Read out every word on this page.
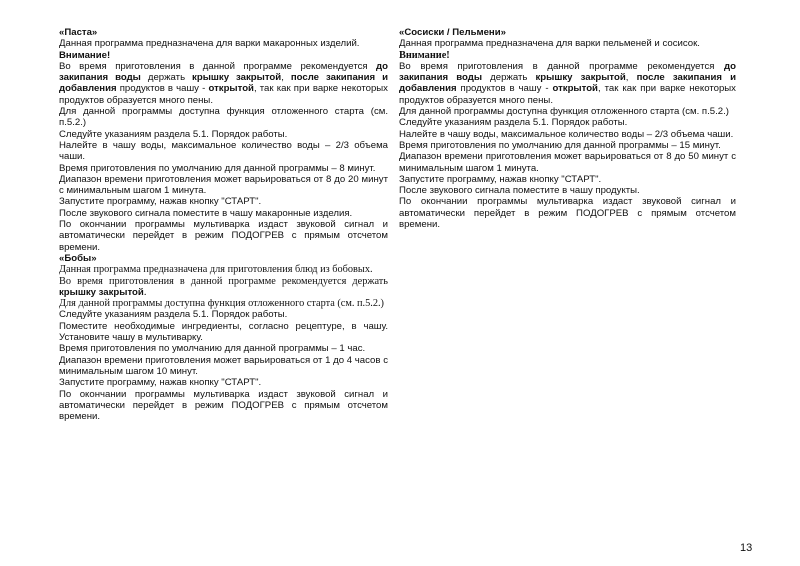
«Паста»

Данная программа предназначена для варки макаронных изделий.

Внимание!

Во время приготовления в данной программе рекомендуется до закипания воды держать крышку закрытой, после закипания и добавления продуктов в чашу - открытой, так как при варке некоторых продуктов образуется много пены.

Для данной программы доступна функция отложенного старта (см. п.5.2.)

Следуйте указаниям раздела 5.1. Порядок работы.

Налейте в чашу воды, максимальное количество воды – 2/3 объема чаши.

Время приготовления по умолчанию для данной программы – 8 минут.

Диапазон времени приготовления может варьироваться от 8 до 20 минут с минимальным шагом 1 минута.

Запустите программу, нажав кнопку "СТАРТ".

После звукового сигнала поместите в чашу макаронные изделия.

По окончании программы мультиварка издаст звуковой сигнал и автоматически перейдет в режим ПОДОГРЕВ с прямым отсчетом времени.

«Бобы»

Данная программа предназначена для приготовления блюд из бобовых.

Во время приготовления в данной программе рекомендуется держать крышку закрытой.

Для данной программы доступна функция отложенного старта (см. п.5.2.)

Следуйте указаниям раздела 5.1. Порядок работы.

Поместите необходимые ингредиенты, согласно рецептуре, в чашу. Установите чашу в мультиварку.

Время приготовления по умолчанию для данной программы – 1 час.

Диапазон времени приготовления может варьироваться от 1 до 4 часов с минимальным шагом 10 минут.

Запустите программу, нажав кнопку "СТАРТ".

По окончании программы мультиварка издаст звуковой сигнал и автоматически перейдет в режим ПОДОГРЕВ с прямым отсчетом времени.

«Сосиски / Пельмени»

Данная программа предназначена для варки пельменей и сосисок.

Внимание!

Во время приготовления в данной программе рекомендуется до закипания воды держать крышку закрытой, после закипания и добавления продуктов в чашу - открытой, так как при варке некоторых продуктов образуется много пены.

Для данной программы доступна функция отложенного старта (см. п.5.2.)

Следуйте указаниям раздела 5.1. Порядок работы.

Налейте в чашу воды, максимальное количество воды – 2/3 объема чаши.

Время приготовления по умолчанию для данной программы – 15 минут.

Диапазон времени приготовления может варьироваться от 8 до 50 минут с минимальным шагом 1 минута.

Запустите программу, нажав кнопку "СТАРТ".

После звукового сигнала поместите в чашу продукты.

По окончании программы мультиварка издаст звуковой сигнал и автоматически перейдет в режим ПОДОГРЕВ с прямым отсчетом времени.

13
